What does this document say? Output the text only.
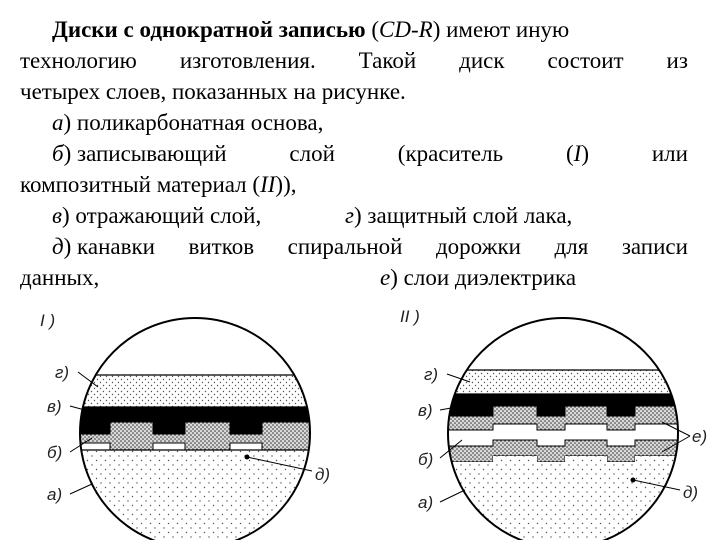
Диски с однократной записью (CD-R) имеют иную
технологию изготовления. Такой диск состоит из
четырех слоев, показанных на рисунке.
а) поликарбонатная основа,
б) записывающий	слой	(краситель	(I)	или
композитный материал (II)),
в) отражающий слой,	г) защитный слой лака,
д) канавки витков спиральной дорожки для записи
данных,	е) слои диэлектрика
I )
г)
в)
б)
а)
д)
II )
г)
в)
б)
а)
е)
д)
